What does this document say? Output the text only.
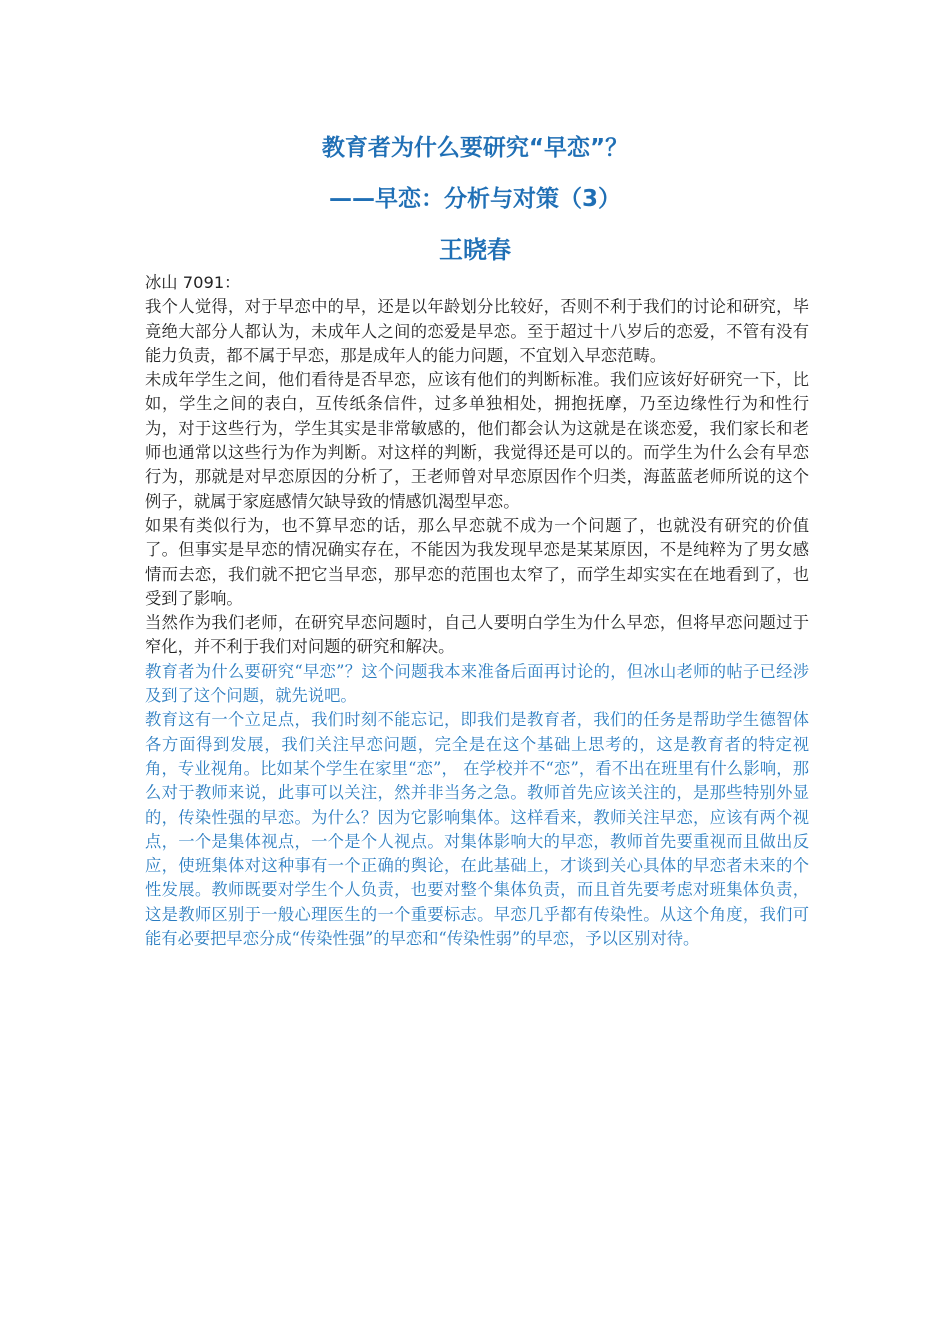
教育者为什么要研究“早恋”？
——早恋：分析与对策（3）
王晓春

冰山 7091：

我个人觉得，对于早恋中的早，还是以年龄划分比较好，否则不利于我们的讨论和研究，毕竟绝大部分人都认为，未成年人之间的恋爱是早恋。至于超过十八岁后的恋爱，不管有没有能力负责，都不属于早恋，那是成年人的能力问题，不宜划入早恋范畴。

未成年学生之间，他们看待是否早恋，应该有他们的判断标准。我们应该好好研究一下，比如，学生之间的表白，互传纸条信件，过多单独相处，拥抱抚摩，乃至边缘性行为和性行为，对于这些行为，学生其实是非常敏感的，他们都会认为这就是在谈恋爱，我们家长和老师也通常以这些行为作为判断。对这样的判断，我觉得还是可以的。而学生为什么会有早恋行为，那就是对早恋原因的分析了，王老师曾对早恋原因作个归类，海蓝蓝老师所说的这个例子，就属于家庭感情欠缺导致的情感饥渴型早恋。

如果有类似行为，也不算早恋的话，那么早恋就不成为一个问题了，也就没有研究的价值了。但事实是早恋的情况确实存在，不能因为我发现早恋是某某原因，不是纯粹为了男女感情而去恋，我们就不把它当早恋，那早恋的范围也太窄了，而学生却实实在在地看到了，也受到了影响。

当然作为我们老师，在研究早恋问题时，自己人要明白学生为什么早恋，但将早恋问题过于窄化，并不利于我们对问题的研究和解决。

教育者为什么要研究“早恋”？这个问题我本来准备后面再讨论的，但冰山老师的帖子已经涉及到了这个问题，就先说吧。

教育这有一个立足点，我们时刻不能忘记，即我们是教育者，我们的任务是帮助学生德智体各方面得到发展，我们关注早恋问题，完全是在这个基础上思考的，这是教育者的特定视角，专业视角。比如某个学生在家里“恋”， 在学校并不“恋”，看不出在班里有什么影响，那么对于教师来说，此事可以关注，然并非当务之急。教师首先应该关注的，是那些特别外显的，传染性强的早恋。为什么？因为它影响集体。这样看来，教师关注早恋，应该有两个视点，一个是集体视点，一个是个人视点。对集体影响大的早恋，教师首先要重视而且做出反应，使班集体对这种事有一个正确的舆论，在此基础上，才谈到关心具体的早恋者未来的个性发展。教师既要对学生个人负责，也要对整个集体负责，而且首先要考虑对班集体负责，这是教师区别于一般心理医生的一个重要标志。早恋几乎都有传染性。从这个角度，我们可能有必要把早恋分成“传染性强”的早恋和“传染性弱”的早恋，予以区别对待。
